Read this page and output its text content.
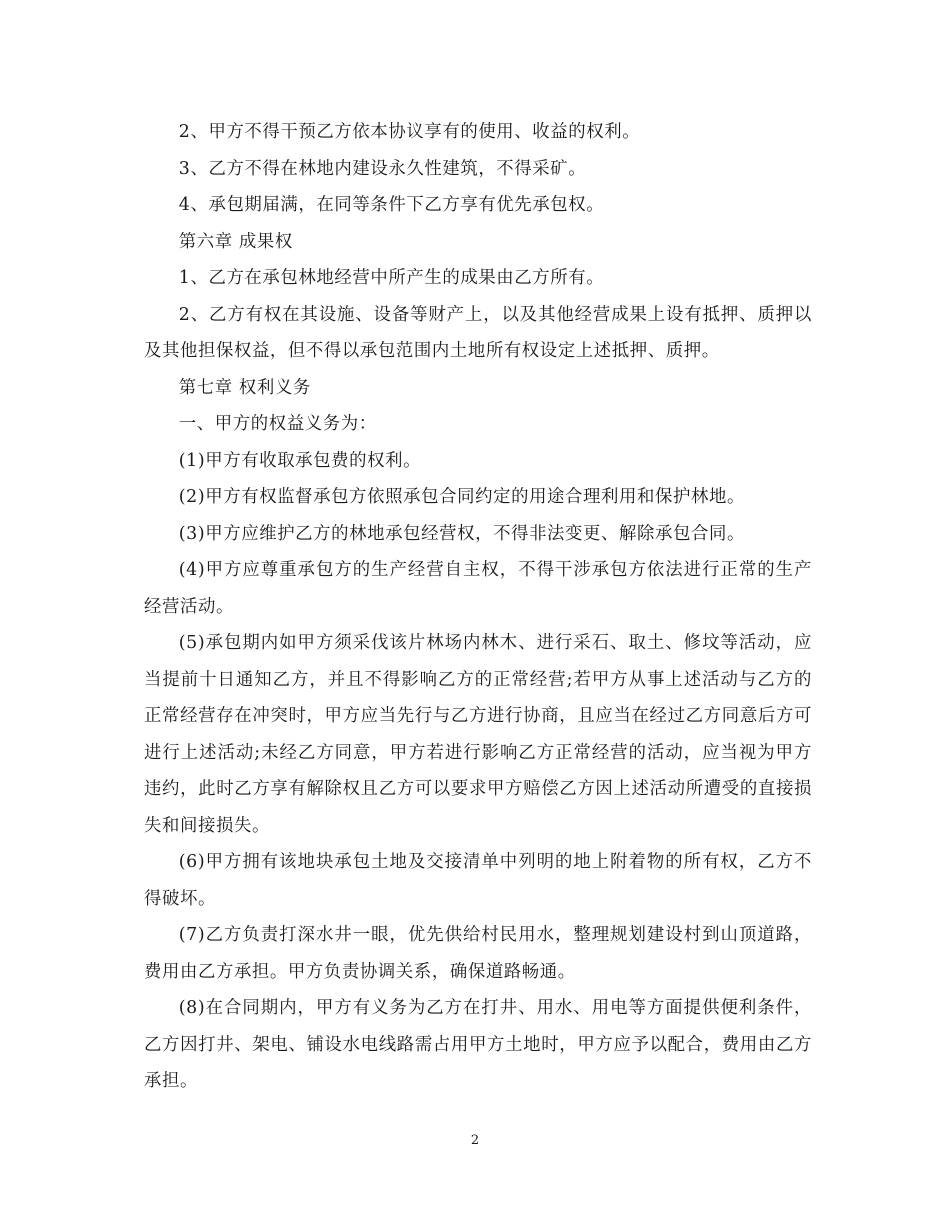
2、甲方不得干预乙方依本协议享有的使用、收益的权利。

3、乙方不得在林地内建设永久性建筑，不得采矿。

4、承包期届满，在同等条件下乙方享有优先承包权。

第六章 成果权

1、乙方在承包林地经营中所产生的成果由乙方所有。

2、乙方有权在其设施、设备等财产上，以及其他经营成果上设有抵押、质押以及其他担保权益，但不得以承包范围内土地所有权设定上述抵押、质押。

第七章 权利义务

一、甲方的权益义务为：

(1)甲方有收取承包费的权利。

(2)甲方有权监督承包方依照承包合同约定的用途合理利用和保护林地。

(3)甲方应维护乙方的林地承包经营权，不得非法变更、解除承包合同。

(4)甲方应尊重承包方的生产经营自主权，不得干涉承包方依法进行正常的生产经营活动。

(5)承包期内如甲方须采伐该片林场内林木、进行采石、取土、修坟等活动，应当提前十日通知乙方，并且不得影响乙方的正常经营;若甲方从事上述活动与乙方的正常经营存在冲突时，甲方应当先行与乙方进行协商，且应当在经过乙方同意后方可进行上述活动;未经乙方同意，甲方若进行影响乙方正常经营的活动，应当视为甲方违约，此时乙方享有解除权且乙方可以要求甲方赔偿乙方因上述活动所遭受的直接损失和间接损失。

(6)甲方拥有该地块承包土地及交接清单中列明的地上附着物的所有权，乙方不得破坏。

(7)乙方负责打深水井一眼，优先供给村民用水，整理规划建设村到山顶道路，费用由乙方承担。甲方负责协调关系，确保道路畅通。

(8)在合同期内，甲方有义务为乙方在打井、用水、用电等方面提供便利条件，乙方因打井、架电、铺设水电线路需占用甲方土地时，甲方应予以配合，费用由乙方承担。

2
